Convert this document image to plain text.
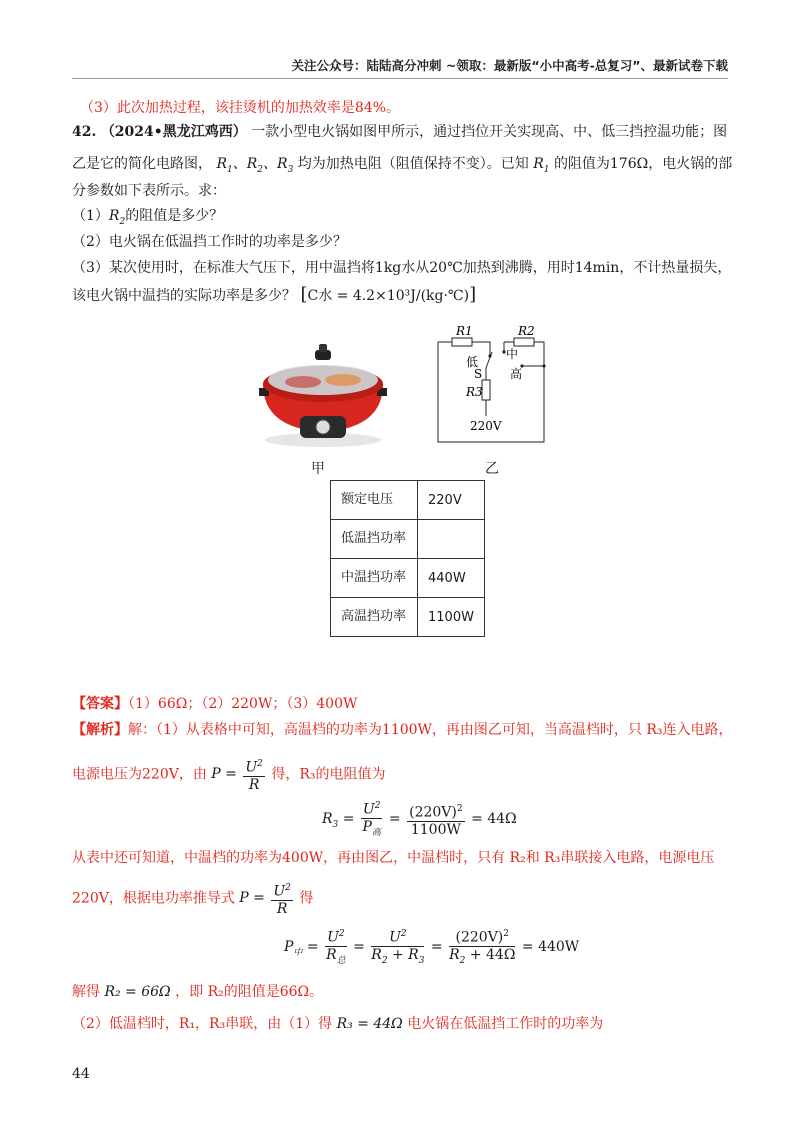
关注公众号：陆陆高分冲刺 ~领取：最新版“小中高考-总复习”、最新试卷下载
（3）此次加热过程，该挂烫机的加热效率是84%。
42. （2024•黑龙江鸡西） 一款小型电火锅如图甲所示，通过挡位开关实现高、中、低三挡控温功能；图
乙是它的简化电路图， $R_1$、$R_2$、$R_3$ 均为加热电阻（阻值保持不变）。已知 $R_1$ 的阻值为176Ω，电火锅的部
分参数如下表所示。求：
$(1)R_2$的阻值是多少？
（2）电火锅在低温挡工作时的功率是多少？
（3）某次使用时，在标准大气压下，用中温挡将1kg水从20℃加热到沸腾，用时14min，不计热量损失，
该电火锅中温挡的实际功率是多少？ [C水 = 4.2×10³J/(kg·℃)]
甲
R1	R2
低
中
高
S
R3
220V
乙
额定电压	220V
低温挡功率	
中温挡功率	440W
高温挡功率	1100W
【答案】（1）66Ω；（2）220W；（3）400W
【解析】解：（1）从表格中可知，高温档的功率为1100W，再由图乙可知，当高温档时，只 R₃连入电路，
电源电压为220V，由 $P = \frac{U^2}{R}$ 得，R₃的电阻值为
$R_3 = \frac{U^2}{P_高} = \frac{(220V)^2}{1100W} = 44\Omega$
从表中还可知道，中温档的功率为400W，再由图乙，中温档时，只有 R₂和 R₃串联接入电路，电源电压
220V，根据电功率推导式 $P = \frac{U^2}{R}$ 得
$P_中 = \frac{U^2}{R_总} = \frac{U^2}{R_2 + R_3} = \frac{(220V)^2}{R_2 + 44\Omega} = 440W$
解得 R₂ = 66Ω ，即 R₂的阻值是66Ω。
（2）低温档时，R₁，R₃串联，由（1）得 R₃ = 44Ω 电火锅在低温挡工作时的功率为
44
